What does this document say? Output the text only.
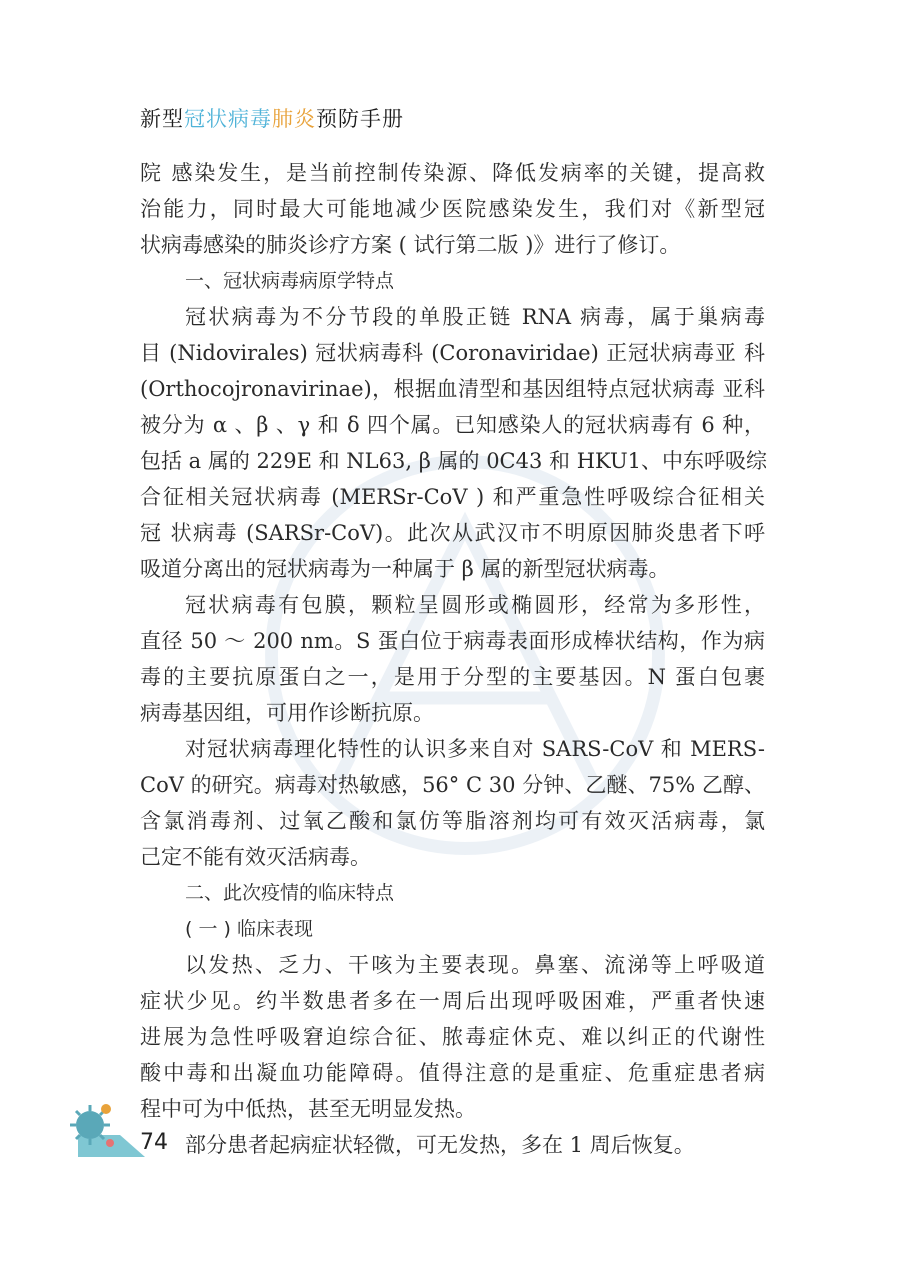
新型冠状病毒肺炎预防手册
院 感染发生，是当前控制传染源、降低发病率的关键，提高救
治能力，同时最大可能地减少医院感染发生，我们对《新型冠
状病毒感染的肺炎诊疗方案 ( 试行第二版 )》进行了修订。
一、冠状病毒病原学特点
冠状病毒为不分节段的单股正链 RNA 病毒，属于巢病毒
目 (Nidovirales) 冠状病毒科 (Coronaviridae) 正冠状病毒亚 科
(Orthocojronavirinae)，根据血清型和基因组特点冠状病毒 亚科
被分为 α 、β 、γ 和 δ 四个属。已知感染人的冠状病毒有 6 种，
包括 a 属的 229E 和 NL63, β 属的 0C43 和 HKU1、中东呼吸综
合征相关冠状病毒 (MERSr-CoV ) 和严重急性呼吸综合征相关
冠 状病毒 (SARSr-CoV)。此次从武汉市不明原因肺炎患者下呼
吸道分离出的冠状病毒为一种属于 β 属的新型冠状病毒。
冠状病毒有包膜，颗粒呈圆形或椭圆形，经常为多形性，
直径 50 ～ 200 nm。S 蛋白位于病毒表面形成棒状结构，作为病
毒的主要抗原蛋白之一，是用于分型的主要基因。N 蛋白包裹
病毒基因组，可用作诊断抗原。
对冠状病毒理化特性的认识多来自对 SARS-CoV 和 MERS-
CoV 的研究。病毒对热敏感，56° C 30 分钟、乙醚、75% 乙醇、
含氯消毒剂、过氧乙酸和氯仿等脂溶剂均可有效灭活病毒，氯
己定不能有效灭活病毒。
二、此次疫情的临床特点
( 一 ) 临床表现
以发热、乏力、干咳为主要表现。鼻塞、流涕等上呼吸道
症状少见。约半数患者多在一周后出现呼吸困难，严重者快速
进展为急性呼吸窘迫综合征、脓毒症休克、难以纠正的代谢性
酸中毒和出凝血功能障碍。值得注意的是重症、危重症患者病
程中可为中低热，甚至无明显发热。
部分患者起病症状轻微，可无发热，多在 1 周后恢复。
74
